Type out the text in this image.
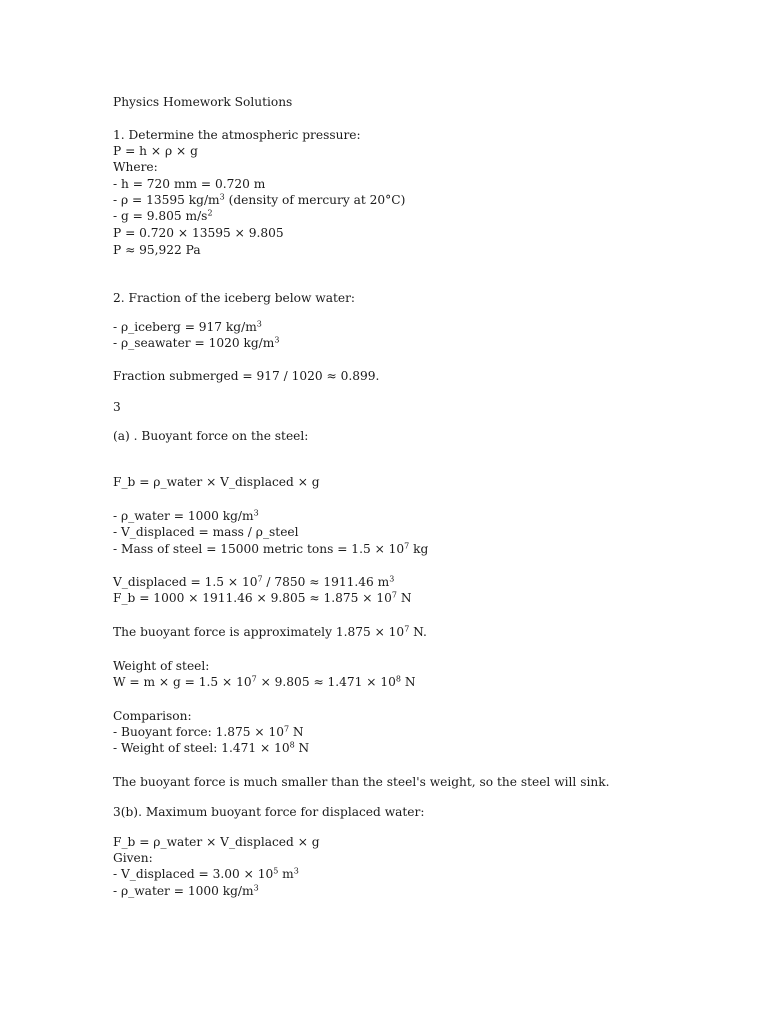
Physics Homework Solutions

1. Determine the atmospheric pressure:

P = h × ρ × g

Where:

- h = 720 mm = 0.720 m

- ρ = 13595 $kg/m^3$ (density of mercury at 20°C)

- g = 9.805 $m/s^2$

P = 0.720 × 13595 × 9.805

P ≈ 95,922 Pa

2. Fraction of the iceberg below water:

- ρ_iceberg = 917 $kg/m^3$

- ρ_seawater = 1020 $kg/m^3$

Fraction submerged = 917 / 1020 ≈ 0.899.

3

(a) . Buoyant force on the steel:

F_b = ρ_water × V_displaced × g

- ρ_water = 1000 $kg/m^3$

- V_displaced = mass / ρ_steel

- Mass of steel = 15000 metric tons = $1.5 \times 10^7$ kg

V_displaced = $1.5 \times 10^7 / 7850 \approx 1911.46$ $m^3$

F_b = $1000 \times 1911.46 \times 9.805 \approx 1.875 \times 10^7$ N

The buoyant force is approximately $1.875 \times 10^7$ N.

Weight of steel:

$W = m \times g = 1.5 \times 10^7 \times 9.805 \approx 1.471 \times 10^8$ N

Comparison:

- Buoyant force: $1.875 \times 10^7$ N

- Weight of steel: $1.471 \times 10^8$ N

The buoyant force is much smaller than the steel's weight, so the steel will sink.

3(b). Maximum buoyant force for displaced water:

F_b = ρ_water × V_displaced × g

Given:

- V_displaced = $3.00 \times 10^5$ $m^3$

- ρ_water = 1000 $kg/m^3$
